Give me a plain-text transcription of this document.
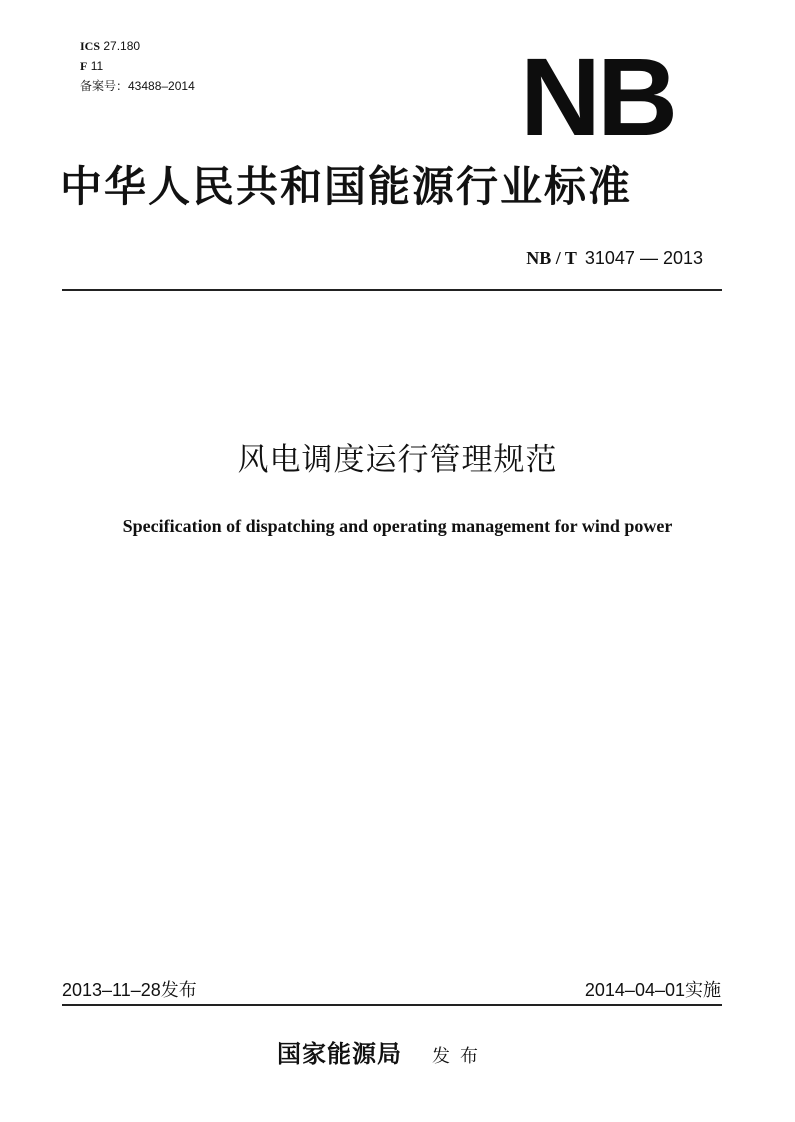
ICS 27.180
F 11
备案号：43488–2014	NB
中华人民共和国能源行业标准
NB / T 31047 — 2013
风电调度运行管理规范
Specification of dispatching and operating management for wind power
2013–11–28发布	2014–04–01实施
国家能源局 发布
